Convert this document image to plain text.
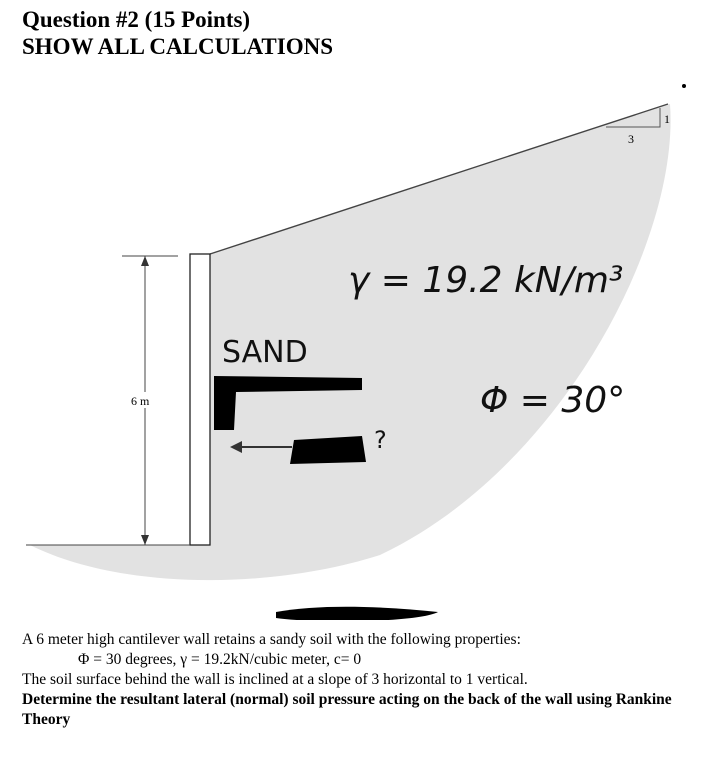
Question #2 (15 Points)
SHOW ALL CALCULATIONS
3
1
6 m
γ = 19.2 kN/m³
Φ = 30°
SAND
?
A 6 meter high cantilever wall retains a sandy soil with the following properties:
Φ = 30 degrees, γ = 19.2kN/cubic meter, c= 0
The soil surface behind the wall is inclined at a slope of 3 horizontal to 1 vertical.
Determine the resultant lateral (normal) soil pressure acting on the back of the wall using Rankine Theory
